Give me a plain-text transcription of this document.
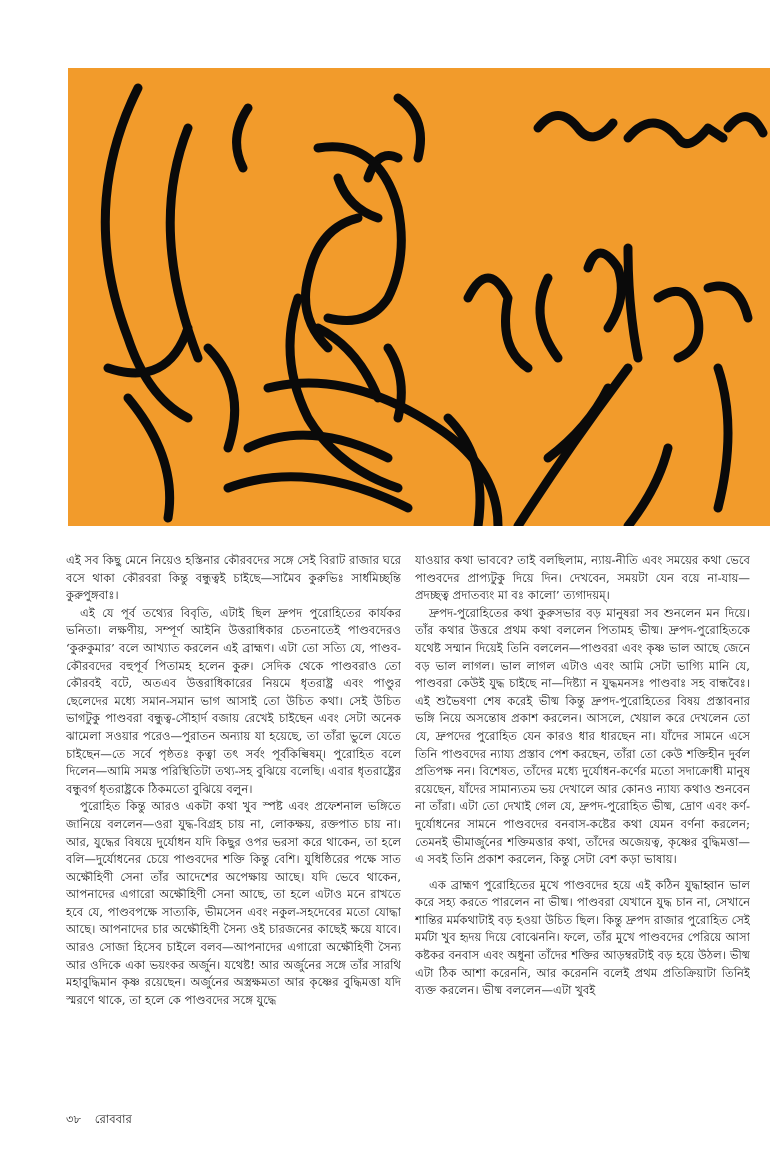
এই সব কিছু মেনে নিয়েও হস্তিনার কৌরবদের সঙ্গে সেই বিরাট রাজার ঘরে বসে থাকা কৌরবরা কিন্তু বন্ধুত্বই চাইছে—সামৈব কুরুভিঃ সার্ধমিচ্ছন্তি কুরুপুঙ্গবাঃ।

এই যে পূর্ব তথ্যের বিবৃতি, এটাই ছিল দ্রুপদ পুরোহিতের কার্যকর ভনিতা। লক্ষণীয়, সম্পূর্ণ আইনি উত্তরাধিকার চেতনাতেই পাণ্ডবদেরও ‘কুরুকুমার’ বলে আখ্যাত করলেন এই ব্রাহ্মণ। এটা তো সত্যি যে, পাণ্ডব-কৌরবদের বহুপূর্ব পিতামহ হলেন কুরু। সেদিক থেকে পাণ্ডবরাও তো কৌরবই বটে, অতএব উত্তরাধিকারের নিয়মে ধৃতরাষ্ট্র এবং পাণ্ডুর ছেলেদের মধ্যে সমান-সমান ভাগ আসাই তো উচিত কথা। সেই উচিত ভাগটুকু পাণ্ডবরা বন্ধুত্ব-সৌহার্দ বজায় রেখেই চাইছেন এবং সেটা অনেক ঝামেলা সওয়ার পরেও—পুরাতন অন্যায় যা হয়েছে, তা তাঁরা ভুলে যেতে চাইছেন—তে সর্বে পৃষ্ঠতঃ কৃত্বা তৎ সর্বং পূর্বকিল্বিষম্। পুরোহিত বলে দিলেন—আমি সমস্ত পরিস্থিতিটা তথ্য-সহ বুঝিয়ে বলেছি। এবার ধৃতরাষ্ট্রের বন্ধুবর্গ ধৃতরাষ্ট্রকে ঠিকমতো বুঝিয়ে বলুন।

পুরোহিত কিন্তু আরও একটা কথা খুব স্পষ্ট এবং প্রফেশনাল ভঙ্গিতে জানিয়ে বললেন—ওরা যুদ্ধ-বিগ্রহ চায় না, লোকক্ষয়, রক্তপাত চায় না। আর, যুদ্ধের বিষয়ে দুর্যোধন যদি কিছুর ওপর ভরসা করে থাকেন, তা হলে বলি—দুর্যোধনের চেয়ে পাণ্ডবদের শক্তি কিন্তু বেশি। যুধিষ্ঠিরের পক্ষে সাত অক্ষৌহিণী সেনা তাঁর আদেশের অপেক্ষায় আছে। যদি ভেবে থাকেন, আপনাদের এগারো অক্ষৌহিণী সেনা আছে, তা হলে এটাও মনে রাখতে হবে যে, পাণ্ডবপক্ষে সাত্যকি, ভীমসেন এবং নকুল-সহদেবের মতো যোদ্ধা আছে। আপনাদের চার অক্ষৌহিণী সৈন্য ওই চারজনের কাছেই ক্ষয়ে যাবে। আরও সোজা হিসেব চাইলে বলব—আপনাদের এগারো অক্ষৌহিণী সৈন্য আর ওদিকে একা ভয়ংকর অর্জুন। যথেষ্ট! আর অর্জুনের সঙ্গে তাঁর সারথি মহাবুদ্ধিমান কৃষ্ণ রয়েছেন। অর্জুনের অস্ত্রক্ষমতা আর কৃষ্ণের বুদ্ধিমত্তা যদি স্মরণে থাকে, তা হলে কে পাণ্ডবদের সঙ্গে যুদ্ধে

যাওয়ার কথা ভাববে? তাই বলছিলাম, ন্যায়-নীতি এবং সময়ের কথা ভেবে পাণ্ডবদের প্রাপ্যটুকু দিয়ে দিন। দেখবেন, সময়টা যেন বয়ে না-যায়—প্রদচ্ছত্ব প্রদাতব্যং মা বঃ কালো’ ত্যগাদয়ম্।

দ্রুপদ-পুরোহিতের কথা কুরুসভার বড় মানুষরা সব শুনলেন মন দিয়ে। তাঁর কথার উত্তরে প্রথম কথা বললেন পিতামহ ভীষ্ম। দ্রুপদ-পুরোহিতকে যথেষ্ট সম্মান দিয়েই তিনি বললেন—পাণ্ডবরা এবং কৃষ্ণ ভাল আছে জেনে বড় ভাল লাগল। ভাল লাগল এটাও এবং আমি সেটা ভাগ্যি মানি যে, পাণ্ডবরা কেউই যুদ্ধ চাইছে না—দিষ্ট্যা ন যুদ্ধমনসঃ পাণ্ডবাঃ সহ বান্ধবৈঃ। এই শুভৈষণা শেষ করেই ভীষ্ম কিন্তু দ্রুপদ-পুরোহিতের বিষয় প্রস্তাবনার ভঙ্গি নিয়ে অসন্তোষ প্রকাশ করলেন। আসলে, খেয়াল করে দেখলেন তো যে, দ্রুপদের পুরোহিত যেন কারও ধার ধারছেন না। যাঁদের সামনে এসে তিনি পাণ্ডবদের ন্যায্য প্রস্তাব পেশ করছেন, তাঁরা তো কেউ শক্তিহীন দুর্বল প্রতিপক্ষ নন। বিশেষত, তাঁদের মধ্যে দুর্যোধন-কর্ণের মতো সদাক্রোধী মানুষ রয়েছেন, যাঁদের সামান্যতম ভয় দেখালে আর কোনও ন্যায্য কথাও শুনবেন না তাঁরা। এটা তো দেখাই গেল যে, দ্রুপদ-পুরোহিত ভীষ্ম, দ্রোণ এবং কর্ণ-দুর্যোধনের সামনে পাণ্ডবদের বনবাস-কষ্টের কথা যেমন বর্ণনা করলেন; তেমনই ভীমার্জুনের শক্তিমত্তার কথা, তাঁদের অজেয়ত্ব, কৃষ্ণের বুদ্ধিমত্তা—এ সবই তিনি প্রকাশ করলেন, কিন্তু সেটা বেশ কড়া ভাষায়।

এক ব্রাহ্মণ পুরোহিতের মুখে পাণ্ডবদের হয়ে এই কঠিন যুদ্ধাহ্বান ভাল করে সহ্য করতে পারলেন না ভীষ্ম। পাণ্ডবরা যেখানে যুদ্ধ চান না, সেখানে শান্তির মর্মকথাটাই বড় হওয়া উচিত ছিল। কিন্তু দ্রুপদ রাজার পুরোহিত সেই মর্মটা খুব হৃদয় দিয়ে বোঝেননি। ফলে, তাঁর মুখে পাণ্ডবদের পেরিয়ে আসা কষ্টকর বনবাস এবং অধুনা তাঁদের শক্তির আড়ম্বরটাই বড় হয়ে উঠল। ভীষ্ম এটা ঠিক আশা করেননি, আর করেননি বলেই প্রথম প্রতিক্রিয়াটা তিনিই ব্যক্ত করলেন। ভীষ্ম বললেন—এটা খুবই

৩৮ রোববার
